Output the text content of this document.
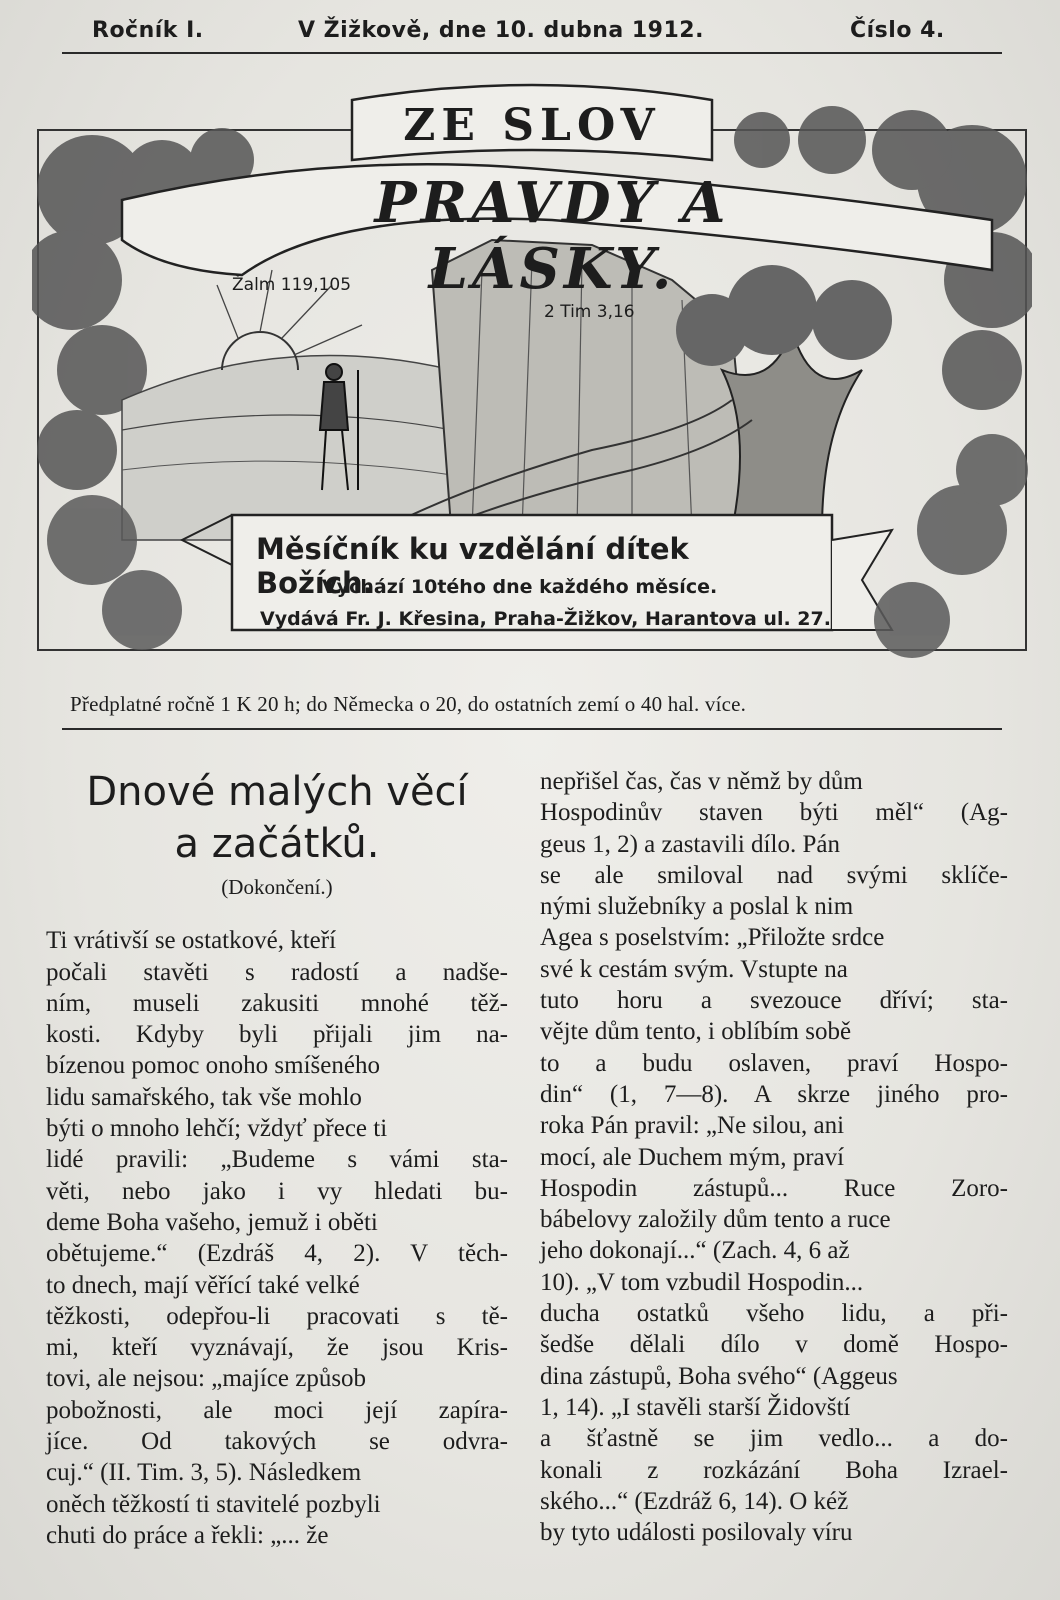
Ročník I.	V Žižkově, dne 10. dubna 1912.	Číslo 4.
ZE SLOV
PRAVDY A LÁSKY.
Žalm 119,105
2 Tim 3,16
Měsíčník ku vzdělání dítek Božích.
Vychází 10tého dne každého měsíce.
Vydává Fr. J. Křesina, Praha-Žižkov, Harantova ul. 27.
Předplatné ročně 1 K 20 h; do Německa o 20, do ostatních zemí o 40 hal. více.
Dnové malých věcí
a začátků.
(Dokončení.)
Ti vrátivší se ostatkové, kteří
počali stavěti s radostí a nadše-
ním, museli zakusiti mnohé těž-
kosti. Kdyby byli přijali jim na-
bízenou pomoc onoho smíšeného
lidu samařského, tak vše mohlo
býti o mnoho lehčí; vždyť přece ti
lidé pravili: „Budeme s vámi sta-
věti, nebo jako i vy hledati bu-
deme Boha vašeho, jemuž i oběti
obětujeme.“ (Ezdráš 4, 2). V těch-
to dnech, mají věřící také velké
těžkosti, odepřou-li pracovati s tě-
mi, kteří vyznávají, že jsou Kris-
tovi, ale nejsou: „majíce způsob
pobožnosti, ale moci její zapíra-
jíce. Od takových se odvra-
cuj.“ (II. Tim. 3, 5). Následkem
oněch těžkostí ti stavitelé pozbyli
chuti do práce a řekli: „... že
nepřišel čas, čas v němž by dům
Hospodinův staven býti měl“ (Ag-
geus 1, 2) a zastavili dílo. Pán
se ale smiloval nad svými sklíče-
nými služebníky a poslal k nim
Agea s poselstvím: „Přiložte srdce
své k cestám svým. Vstupte na
tuto horu a svezouce dříví; sta-
vějte dům tento, i oblíbím sobě
to a budu oslaven, praví Hospo-
din“ (1, 7—8). A skrze jiného pro-
roka Pán pravil: „Ne silou, ani
mocí, ale Duchem mým, praví
Hospodin zástupů... Ruce Zoro-
bábelovy založily dům tento a ruce
jeho dokonají...“ (Zach. 4, 6 až
10). „V tom vzbudil Hospodin...
ducha ostatků všeho lidu, a při-
šedše dělali dílo v domě Hospo-
dina zástupů, Boha svého“ (Aggeus
1, 14). „I stavěli starší Židovští
a šťastně se jim vedlo... a do-
konali z rozkázání Boha Izrael-
ského...“ (Ezdráž 6, 14). O kéž
by tyto události posilovaly víru
